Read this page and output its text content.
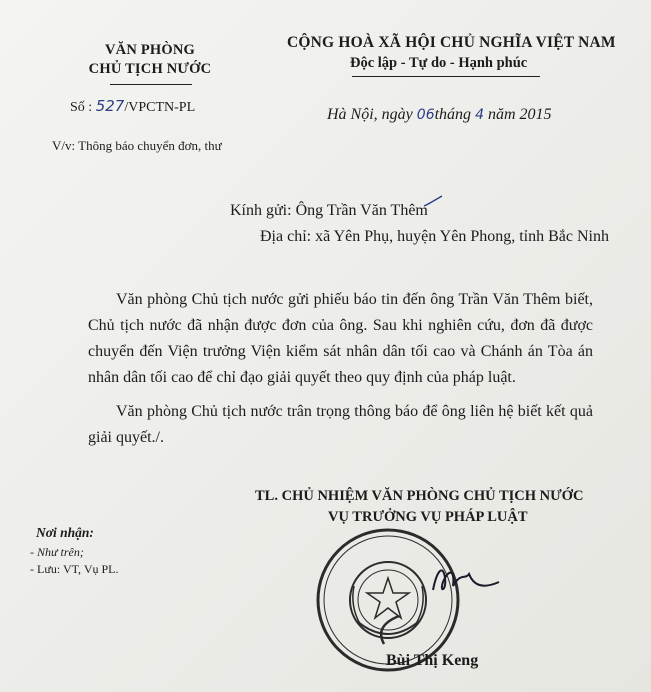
VĂN PHÒNG
CHỦ TỊCH NƯỚC
CỘNG HOÀ XÃ HỘI CHỦ NGHĨA VIỆT NAM
Độc lập - Tự do - Hạnh phúc
Số : 527/VPCTN-PL	Hà Nội, ngày 06tháng 4 năm 2015
V/v: Thông báo chuyển đơn, thư
Kính gửi: Ông Trần Văn Thêm
Địa chỉ: xã Yên Phụ, huyện Yên Phong, tỉnh Bắc Ninh
Văn phòng Chủ tịch nước gửi phiếu báo tin đến ông Trần Văn Thêm biết, Chủ tịch nước đã nhận được đơn của ông. Sau khi nghiên cứu, đơn đã được chuyển đến Viện trưởng Viện kiểm sát nhân dân tối cao và Chánh án Tòa án nhân dân tối cao để chỉ đạo giải quyết theo quy định của pháp luật.
Văn phòng Chủ tịch nước trân trọng thông báo để ông liên hệ biết kết quả giải quyết./.
TL. CHỦ NHIỆM VĂN PHÒNG CHỦ TỊCH NƯỚC
VỤ TRƯỞNG VỤ PHÁP LUẬT
Nơi nhận:
- Như trên;
- Lưu: VT, Vụ PL.
Bùi Thị Keng
